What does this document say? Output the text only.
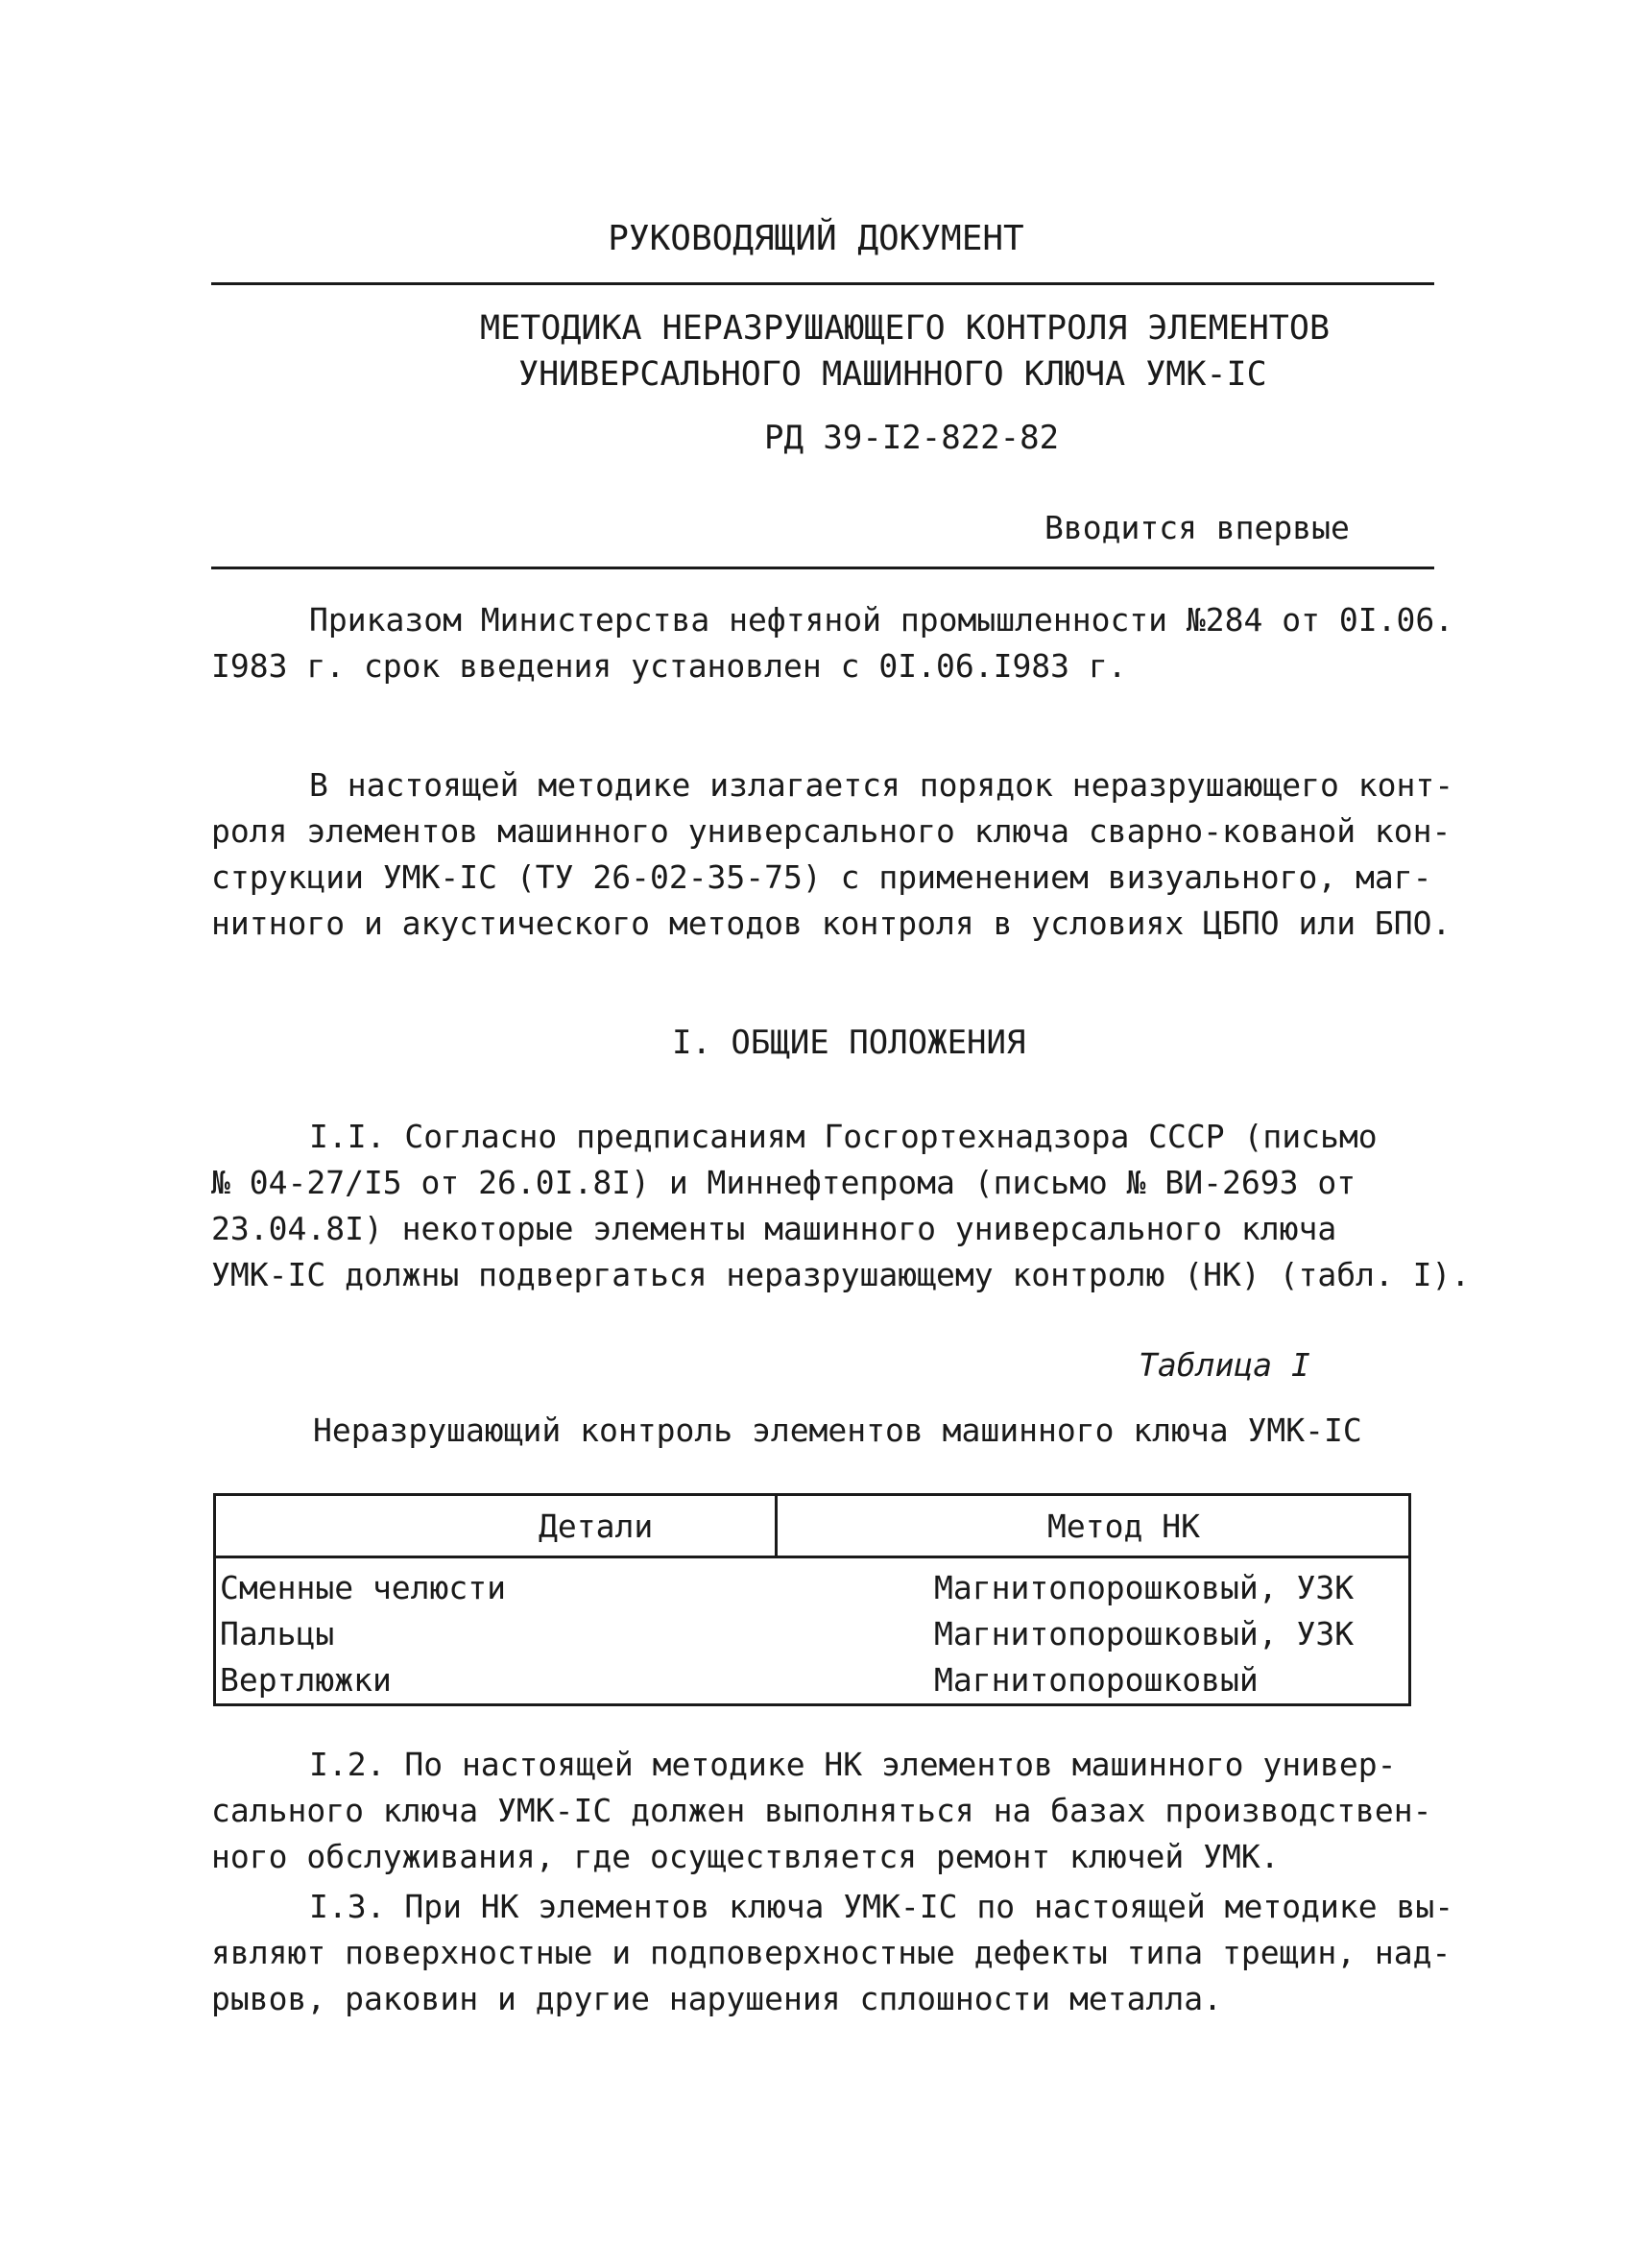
РУКОВОДЯЩИЙ ДОКУМЕНТ
МЕТОДИКА НЕРАЗРУШАЮЩЕГО КОНТРОЛЯ ЭЛЕМЕНТОВ
УНИВЕРСАЛЬНОГО МАШИННОГО КЛЮЧА УМК-IC
РД 39-I2-822-82
Вводится впервые
Приказом Министерства нефтяной промышленности №284 от 0I.06.
I983 г. срок введения установлен с 0I.06.I983 г.
В настоящей методике излагается порядок неразрушающего конт-
роля элементов машинного универсального ключа сварно-кованой кон-
струкции УМК-IC (ТУ 26-02-35-75) с применением визуального, маг-
нитного и акустического методов контроля в условиях ЦБПО или БПО.
I. ОБЩИЕ ПОЛОЖЕНИЯ
I.I. Согласно предписаниям Госгортехнадзора СССР (письмо
№ 04-27/I5 от 26.0I.8I) и Миннефтепрома (письмо № ВИ-2693 от
23.04.8I) некоторые элементы машинного универсального ключа
УМК-IC должны подвергаться неразрушающему контролю (НК) (табл. I).
Таблица I
Неразрушающий контроль элементов машинного ключа УМК-IC
Детали	Метод НК
Сменные челюсти	Магнитопорошковый, УЗК
Пальцы	Магнитопорошковый, УЗК
Вертлюжки	Магнитопорошковый
I.2. По настоящей методике НК элементов машинного универ-
сального ключа УМК-IC должен выполняться на базах производствен-
ного обслуживания, где осуществляется ремонт ключей УМК.
I.3. При НК элементов ключа УМК-IC по настоящей методике вы-
являют поверхностные и подповерхностные дефекты типа трещин, над-
рывов, раковин и другие нарушения сплошности металла.
